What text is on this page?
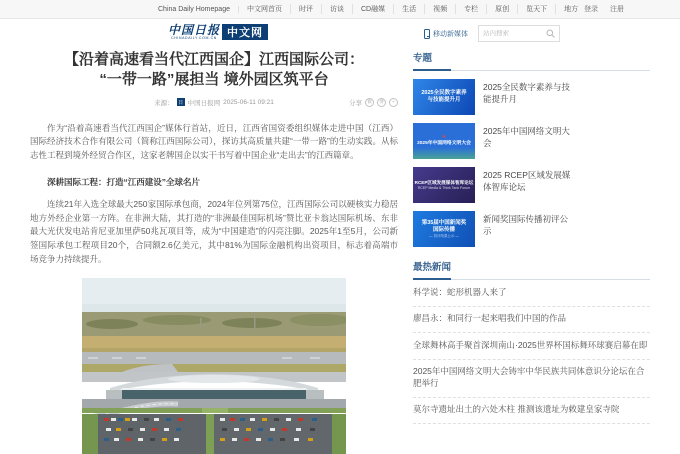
China Daily Homepage	中文网首页	时评	访谈	CD融媒	生活	视频	专栏	原创	览天下	地方 登录	注册
中国日报
CHINADAILY.COM.CN 中文网	移动新媒体
站内搜索
【沿着高速看当代江西国企】江西国际公司：
“一带一路”展担当 境外园区筑平台
来源： 日 中国日报网 2025-06-11 09:21	分享	微	博	＋

作为“沿着高速看当代江西国企”媒体行首站，近日，江西省国资委组织媒体走进中国（江西）国际经济技术合作有限公司（简称江西国际公司），探访其高质量共建“一带一路”的生动实践。从标志性工程到境外经贸合作区，这家老牌国企以实干书写着中国企业“走出去”的江西篇章。

深耕国际工程：打造“江西建设”全球名片

连续21年入选全球最大250家国际承包商，2024年位列第75位，江西国际公司以硬核实力稳居地方外经企业第一方阵。在非洲大陆，其打造的“非洲最佳国际机场”赞比亚卡翁达国际机场、东非最大光伏发电站肯尼亚加里萨50兆瓦项目等，成为“中国建造”的闪亮注脚。2025年1至5月，公司新签国际承包工程项目20个，合同额2.6亿美元，其中81%为国际金融机构出资项目，标志着高端市场竞争力持续提升。

专题
2025全民数字素养
与技能提升月
2025全民数字素养与技能提升月
★
2025年中国网络文明大会
2025年中国网络文明大会
RCEP区域发展媒体智库论坛
RCEP Media & Think Tank Forum
2025 RCEP区域发展媒体智库论坛
第35届中国新闻奖
国际传播
— 初评结果公示 —
新闻奖国际传播初评公示
最热新闻
科学说：蛇形机器人来了
廖昌永：和同行一起来唱我们中国的作品
全球舞林高手聚首深圳南山·2025世界杯国标舞环球赛启幕在即
2025年中国网络文明大会铸牢中华民族共同体意识分论坛在合肥举行
莫尔寺遗址出土的六处木柱 推测该遗址为敕建皇家寺院
